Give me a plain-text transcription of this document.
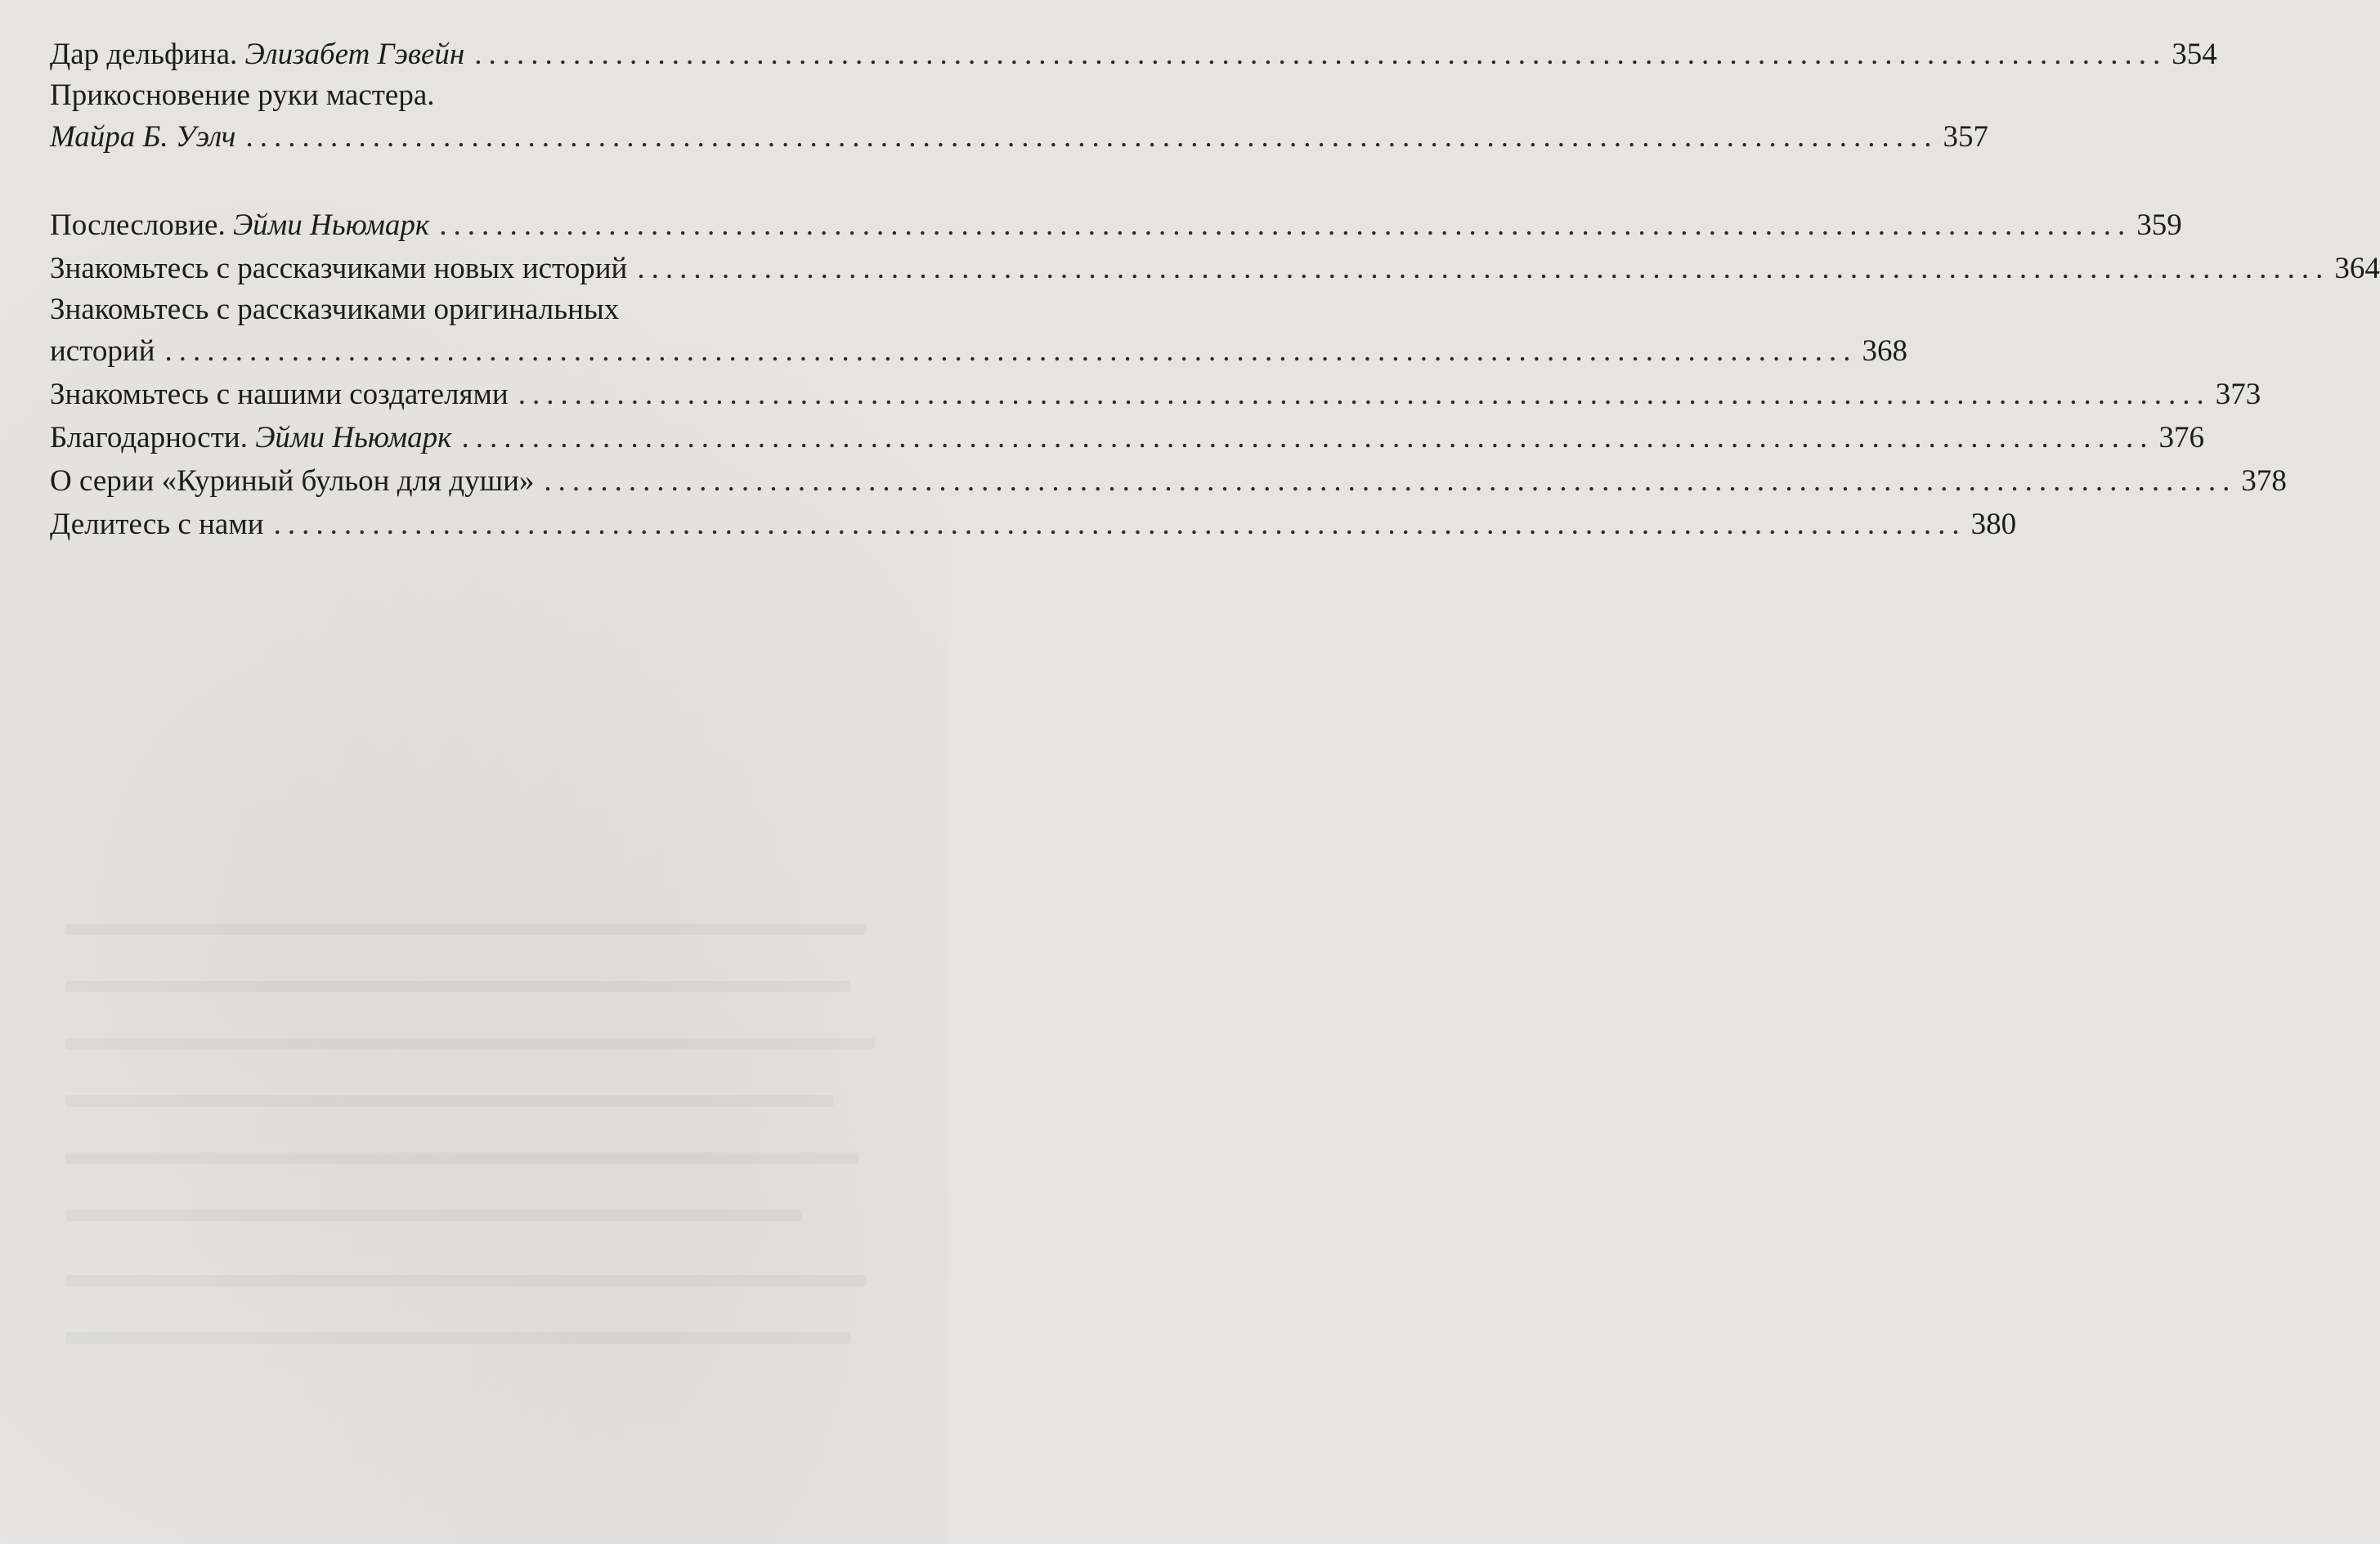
Дар дельфина. Элизабет Гэвейн ........................................................................................................................ 354
Прикосновение руки мастера.
Майра Б. Уэлч ........................................................................................................................ 357
Послесловие. Эйми Ньюмарк ........................................................................................................................ 359
Знакомьтесь с рассказчиками новых историй ........................................................................................................................ 364
Знакомьтесь с рассказчиками оригинальных
историй ........................................................................................................................ 368
Знакомьтесь с нашими создателями ........................................................................................................................ 373
Благодарности. Эйми Ньюмарк ........................................................................................................................ 376
О серии «Куриный бульон для души» ........................................................................................................................ 378
Делитесь с нами ........................................................................................................................ 380
